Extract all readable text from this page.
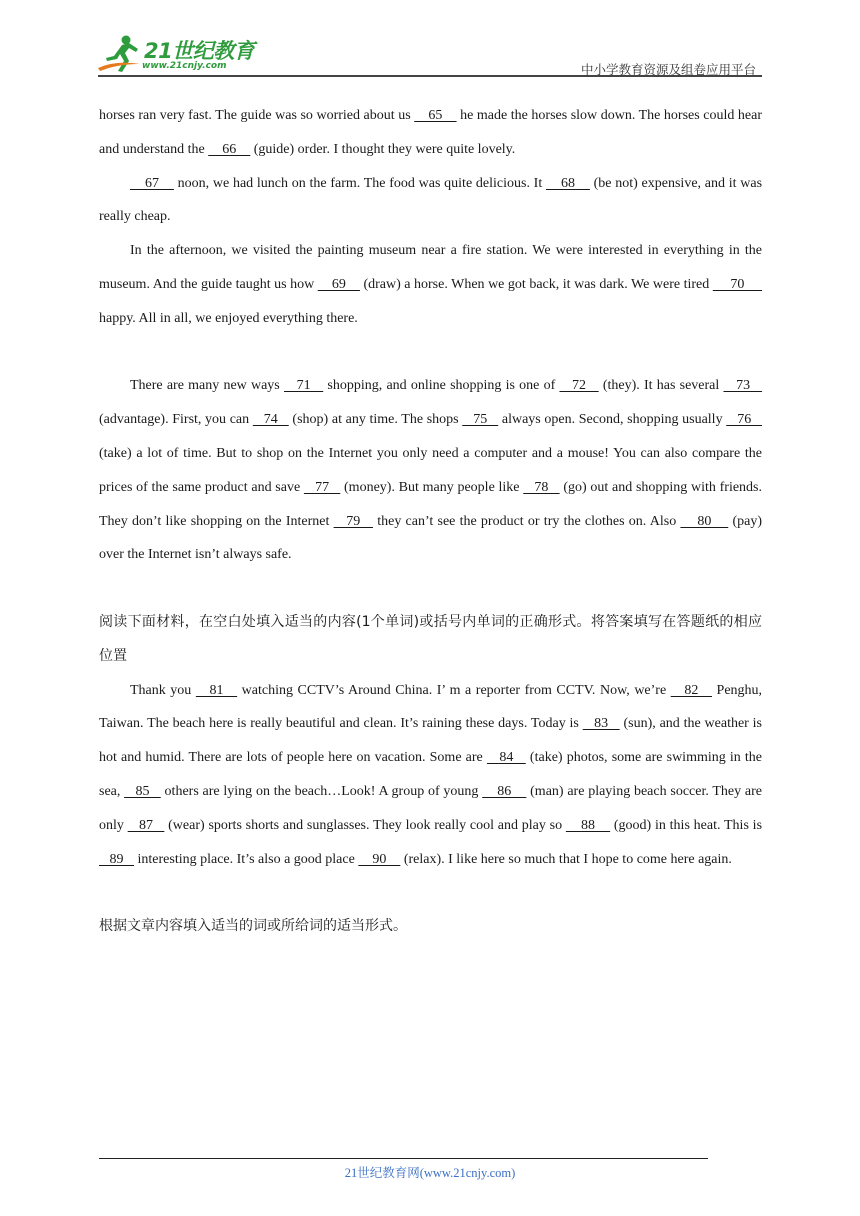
21世纪教育
www.21cnjy.com	中小学教育资源及组卷应用平台

horses ran very fast. The guide was so worried about us     65     he made the horses slow down. The horses could hear and understand the     66     (guide) order. I thought they were quite lovely.

67     noon, we had lunch on the farm. The food was quite delicious. It     68     (be not) expensive, and it was really cheap.

In the afternoon, we visited the painting museum near a fire station. We were interested in everything in the museum. And the guide taught us how     69     (draw) a horse. When we got back, it was dark. We were tired      70      happy. All in all, we enjoyed everything there.

There are many new ways    71    shopping, and online shopping is one of    72    (they). It has several    73    (advantage). First, you can    74    (shop) at any time. The shops    75    always open. Second, shopping usually    76    (take) a lot of time. But to shop on the Internet you only need a computer and a mouse! You can also compare the prices of the same product and save    77    (money). But many people like    78    (go) out and shopping with friends. They don’t like shopping on the Internet    79    they can’t see the product or try the clothes on. Also     80     (pay) over the Internet isn’t always safe.

阅读下面材料，在空白处填入适当的内容(1个单词)或括号内单词的正确形式。将答案填写在答题纸的相应位置

Thank you    81    watching CCTV’s Around China. I’ m a reporter from CCTV. Now, we’re    82    Penghu, Taiwan. The beach here is really beautiful and clean. It’s raining these days. Today is    83    (sun), and the weather is hot and humid. There are lots of people here on vacation. Some are    84    (take) photos, some are swimming in the sea,    85    others are lying on the beach…Look! A group of young     86     (man) are playing beach soccer. They are only    87    (wear) sports shorts and sunglasses. They look really cool and play so     88     (good) in this heat. This is    89    interesting place. It’s also a good place     90     (relax). I like here so much that I hope to come here again.

根据文章内容填入适当的词或所给词的适当形式。

21世纪教育网(www.21cnjy.com)
